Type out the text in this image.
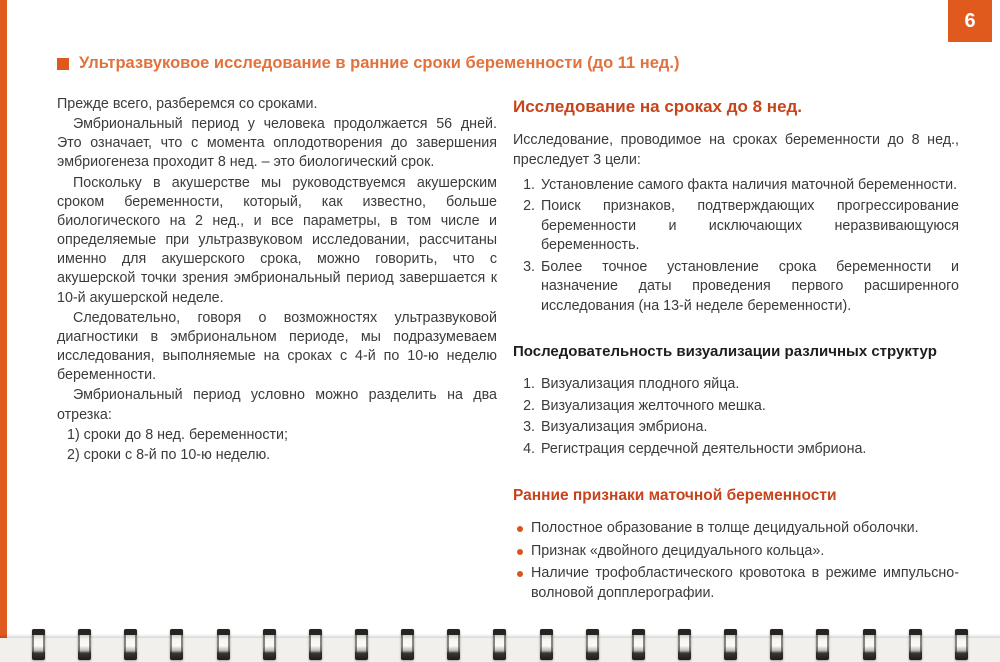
6
Ультразвуковое исследование в ранние сроки беременности (до 11 нед.)

Прежде всего, разберемся со сроками.

Эмбриональный период у человека продолжается 56 дней. Это означает, что с момента оплодотворения до завершения эмбриогенеза проходит 8 нед. – это биологический срок.

Поскольку в акушерстве мы руководствуемся акушерским сроком беременности, который, как известно, больше биологического на 2 нед., и все параметры, в том числе и определяемые при ультразвуковом исследовании, рассчитаны именно для акушерского срока, можно говорить, что с акушерской точки зрения эмбриональный период завершается к 10-й акушерской неделе.

Следовательно, говоря о возможностях ультразвуковой диагностики в эмбриональном периоде, мы подразумеваем исследования, выполняемые на сроках с 4-й по 10-ю неделю беременности.

Эмбриональный период условно можно разделить на два отрезка:

1) сроки до 8 нед. беременности;

2) сроки с 8-й по 10-ю неделю.

Исследование на сроках до 8 нед.

Исследование, проводимое на сроках беременности до 8 нед., преследует 3 цели:

1. Установление самого факта наличия маточной беременности.
2. Поиск признаков, подтверждающих прогрессирование беременности и исключающих неразвивающуюся беременность.
3. Более точное установление срока беременности и назначение даты проведения первого расширенного исследования (на 13-й неделе беременности).
Последовательность визуализации различных структур
1. Визуализация плодного яйца.
2. Визуализация желточного мешка.
3. Визуализация эмбриона.
4. Регистрация сердечной деятельности эмбриона.
Ранние признаки маточной беременности
Полостное образование в толще децидуальной оболочки.
Признак «двойного децидуального кольца».
Наличие трофобластического кровотока в режиме импульсно-волновой допплерографии.
